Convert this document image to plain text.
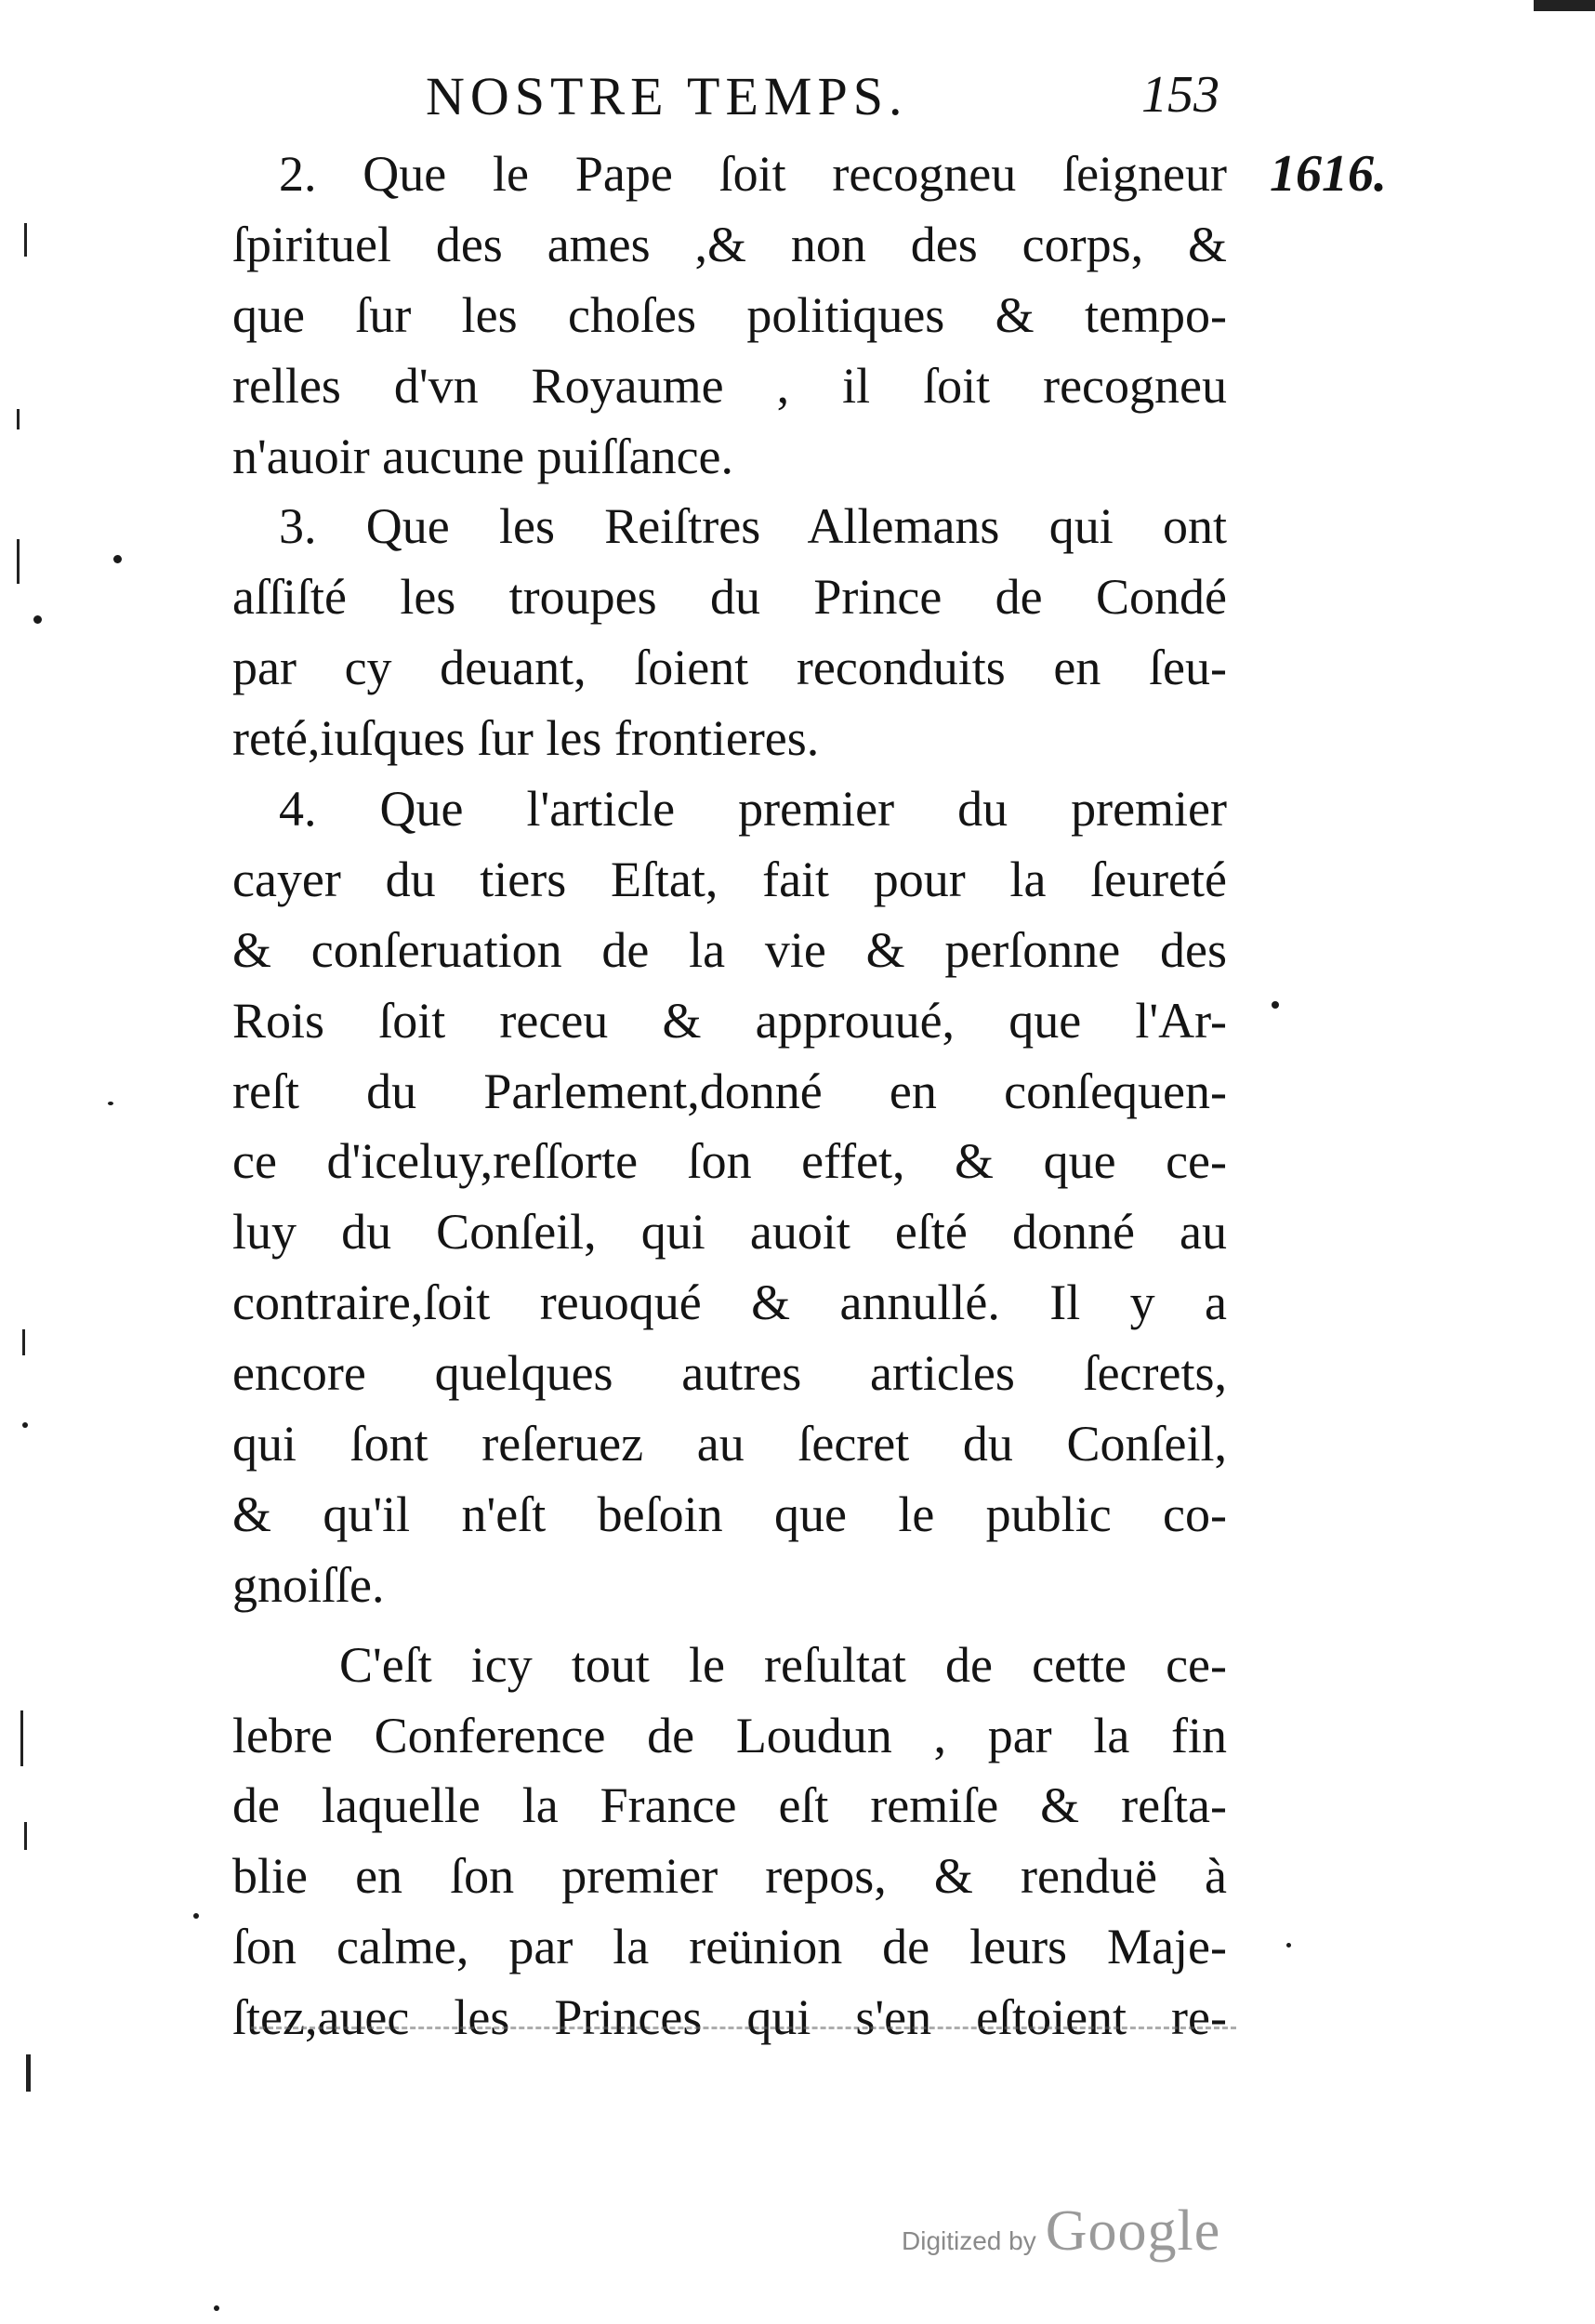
NOSTRE TEMPS.	153
1616.
2. Que le Pape ſoit recogneu ſeigneur
ſpirituel des ames ,& non des corps, &
que ſur les choſes politiques & tempo-
relles d'vn Royaume , il ſoit recogneu
n'auoir aucune puiſſance.
3. Que les Reiſtres Allemans qui ont
aſſiſté les troupes du Prince de Condé
par cy deuant, ſoient reconduits en ſeu-
reté,iuſques ſur les frontieres.
4. Que l'article premier du premier
cayer du tiers Eſtat, fait pour la ſeureté
& conſeruation de la vie & perſonne des
Rois ſoit receu & approuué, que l'Ar-
reſt du Parlement,donné en conſequen-
ce d'iceluy,reſſorte ſon effet, & que ce-
luy du Conſeil, qui auoit eſté donné au
contraire,ſoit reuoqué & annullé. Il y a
encore quelques autres articles ſecrets,
qui ſont reſeruez au ſecret du Conſeil,
& qu'il n'eſt beſoin que le public co-
gnoiſſe.
C'eſt icy tout le reſultat de cette ce-
lebre Conference de Loudun , par la fin
de laquelle la France eſt remiſe & reſta-
blie en ſon premier repos, & renduë à
ſon calme, par la reünion de leurs Maje-
ſtez,auec les Princes qui s'en eſtoient re-
Digitized by Google
